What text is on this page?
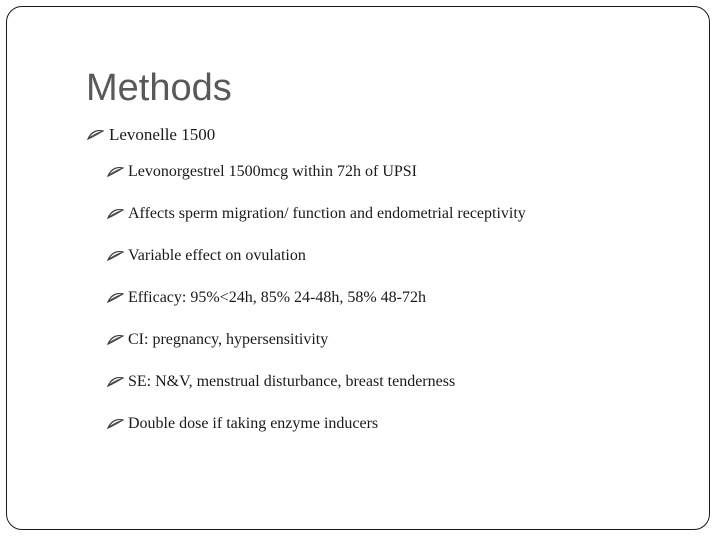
Methods
Levonelle 1500
Levonorgestrel 1500mcg within 72h of UPSI
Affects sperm migration/ function and endometrial receptivity
Variable effect on ovulation
Efficacy: 95%<24h, 85% 24-48h, 58% 48-72h
CI: pregnancy, hypersensitivity
SE: N&V, menstrual disturbance, breast tenderness
Double dose if taking enzyme inducers
